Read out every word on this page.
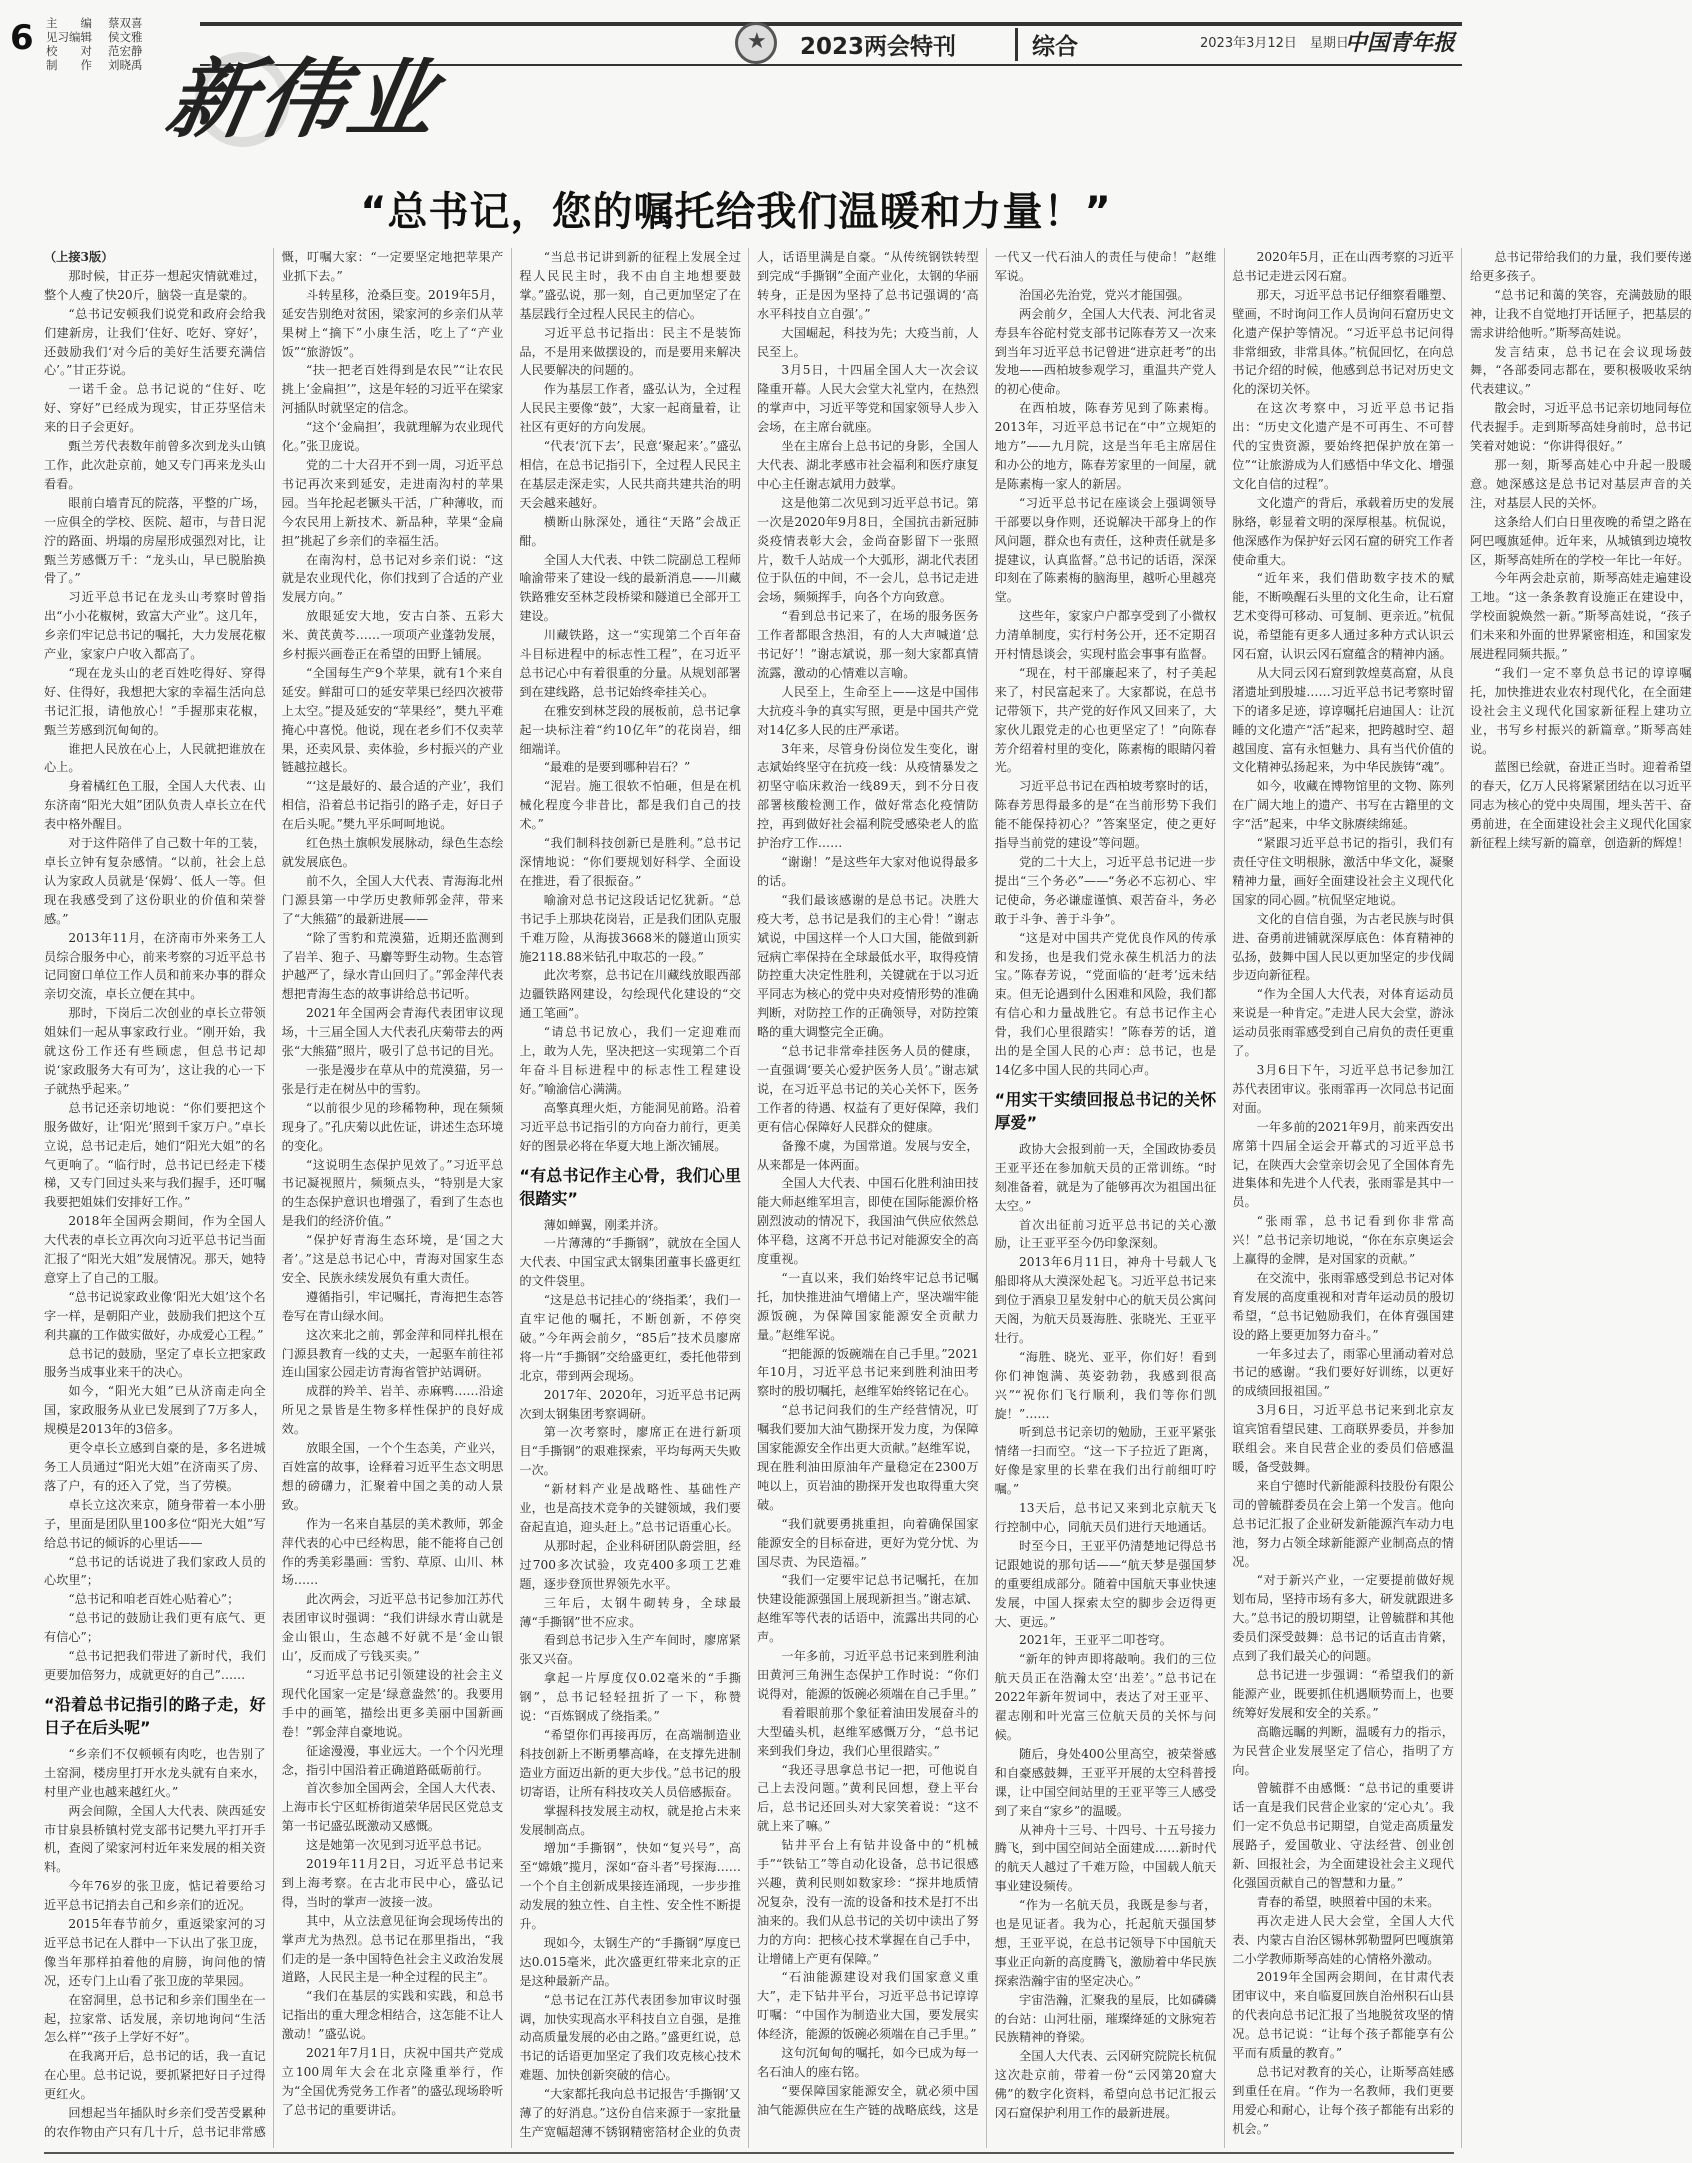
6 主　　编	蔡双喜
见习编辑	侯文雅
校　　对	范宏静
制　　作	刘晓禹
★
2023两会特刊	综合	2023年3月12日　星期日
中国青年报
新伟业
“总书记，您的嘱托给我们温暖和力量！”

（上接3版）

那时候，甘正芬一想起灾情就难过，整个人瘦了快20斤，脑袋一直是蒙的。

“总书记安顿我们说党和政府会给我们建新房，让我们‘住好、吃好、穿好’，还鼓励我们‘对今后的美好生活要充满信心’。”甘正芬说。

一诺千金。总书记说的“住好、吃好、穿好”已经成为现实，甘正芬坚信未来的日子会更好。

甄兰芳代表数年前曾多次到龙头山镇工作，此次赴京前，她又专门再来龙头山看看。

眼前白墙青瓦的院落，平整的广场，一应俱全的学校、医院、超市，与昔日泥泞的路面、坍塌的房屋形成强烈对比，让甄兰芳感慨万千：“龙头山，早已脱胎换骨了。”

习近平总书记在龙头山考察时曾指出“小小花椒树，致富大产业”。这几年，乡亲们牢记总书记的嘱托，大力发展花椒产业，家家户户收入都高了。

“现在龙头山的老百姓吃得好、穿得好、住得好，我想把大家的幸福生活向总书记汇报，请他放心！”手握那束花椒，甄兰芳感到沉甸甸的。

谁把人民放在心上，人民就把谁放在心上。

身着橘红色工服，全国人大代表、山东济南“阳光大姐”团队负责人卓长立在代表中格外醒目。

对于这件陪伴了自己数十年的工装，卓长立钟有复杂感情。“以前，社会上总认为家政人员就是‘保姆’、低人一等。但现在我感受到了这份职业的价值和荣誉感。”

2013年11月，在济南市外来务工人员综合服务中心，前来考察的习近平总书记同窗口单位工作人员和前来办事的群众亲切交流，卓长立便在其中。

那时，下岗后二次创业的卓长立带领姐妹们一起从事家政行业。“刚开始，我就这份工作还有些顾虑，但总书记却说‘家政服务大有可为’，这让我的心一下子就热乎起来。”

总书记还亲切地说：“你们要把这个服务做好，让‘阳光’照到千家万户。”卓长立说，总书记走后，她们“阳光大姐”的名气更响了。“临行时，总书记已经走下楼梯，又专门回过头来与我们握手，还叮嘱我要把姐妹们安排好工作。”

2018年全国两会期间，作为全国人大代表的卓长立再次向习近平总书记当面汇报了“阳光大姐”发展情况。那天，她特意穿上了自己的工服。

“总书记说家政业像‘阳光大姐’这个名字一样，是朝阳产业，鼓励我们把这个互利共赢的工作做实做好，办成爱心工程。”

总书记的鼓励，坚定了卓长立把家政服务当成事业来干的决心。

如今，“阳光大姐”已从济南走向全国，家政服务从业已发展到了7万多人，规模是2013年的3倍多。

更令卓长立感到自豪的是，多名进城务工人员通过“阳光大姐”在济南买了房、落了户，有的还入了党，当了劳模。

卓长立这次来京，随身带着一本小册子，里面是团队里100多位“阳光大姐”写给总书记的倾诉的心里话——

“总书记的话说进了我们家政人员的心坎里”；

“总书记和咱老百姓心贴着心”；

“总书记的鼓励让我们更有底气、更有信心”；

“总书记把我们带进了新时代，我们更要加倍努力，成就更好的自己”……

“沿着总书记指引的路子走，好日子在后头呢”

“乡亲们不仅顿顿有肉吃，也告别了土窑洞，楼房里打开水龙头就有自来水，村里产业也越来越红火。”

两会间隙，全国人大代表、陕西延安市甘泉县桥镇村党支部书记樊九平打开手机，查阅了梁家河村近年来发展的相关资料。

今年76岁的张卫庞，惦记着要给习近平总书记捎去自己和乡亲们的近况。

2015年春节前夕，重返梁家河的习近平总书记在人群中一下认出了张卫庞，像当年那样拍着他的肩膀，询问他的情况，还专门上山看了张卫庞的苹果园。

在窑洞里，总书记和乡亲们围坐在一起，拉家常、话发展，亲切地询问“生活怎么样”“孩子上学好不好”。

在我离开后，总书记的话，我一直记在心里。总书记说，要抓紧把好日子过得更红火。

回想起当年插队时乡亲们受苦受累种的农作物由产只有几十斤，总书记非常感慨，叮嘱大家：“一定要坚定地把苹果产业抓下去。”

斗转星移，沧桑巨变。2019年5月，延安告别绝对贫困，梁家河的乡亲们从苹果树上“摘下”小康生活，吃上了“产业饭”“旅游饭”。

“扶一把老百姓得到是农民”“让农民挑上‘金扁担’”，这是年轻的习近平在梁家河插队时就坚定的信念。

“这个‘金扁担’，我就理解为农业现代化。”张卫庞说。

党的二十大召开不到一周，习近平总书记再次来到延安，走进南沟村的苹果园。当年抡起老镢头干活，广种薄收，而今农民用上新技术、新品种，苹果“金扁担”挑起了乡亲们的幸福生活。

在南沟村，总书记对乡亲们说：“这就是农业现代化，你们找到了合适的产业发展方向。”

放眼延安大地，安古白茶、五彩大米、黄芪黄芩……一项项产业蓬勃发展，乡村振兴画卷正在希望的田野上铺展。

“全国每生产9个苹果，就有1个来自延安。鲜甜可口的延安苹果已经四次被带上太空。”提及延安的“苹果经”，樊九平难掩心中喜悦。他说，现在老乡们不仅卖苹果，还卖风景、卖体验，乡村振兴的产业链越拉越长。

“‘这是最好的、最合适的产业’，我们相信，沿着总书记指引的路子走，好日子在后头呢。”樊九平乐呵呵地说。

红色热土旗帜发展脉动，绿色生态绘就发展底色。

前不久，全国人大代表、青海海北州门源县第一中学历史教师郭金萍，带来了“大熊猫”的最新进展——

“除了雪豹和荒漠猫，近期还监测到了岩羊、狍子、马麝等野生动物。生态管护越严了，绿水青山回归了。”郭金萍代表想把青海生态的故事讲给总书记听。

2021年全国两会青海代表团审议现场，十三届全国人大代表孔庆菊带去的两张“大熊猫”照片，吸引了总书记的目光。

一张是漫步在草从中的荒漠猫，另一张是行走在树丛中的雪豹。

“以前很少见的珍稀物种，现在频频现身了。”孔庆菊以此佐证，讲述生态环境的变化。

“这说明生态保护见效了。”习近平总书记凝视照片，频频点头，“特别是大家的生态保护意识也增强了，看到了生态也是我们的经济价值。”

“保护好青海生态环境，是‘国之大者’。”这是总书记心中，青海对国家生态安全、民族永续发展负有重大责任。

遵循指引，牢记嘱托，青海把生态答卷写在青山绿水间。

这次来北之前，郭金萍和同样扎根在门源县教育一线的丈夫，一起驱车前往祁连山国家公园走访青海省管护站调研。

成群的羚羊、岩羊、赤麻鸭……沿途所见之景皆是生物多样性保护的良好成效。

放眼全国，一个个生态美，产业兴，百姓富的故事，诠释着习近平生态文明思想的磅礴力，汇聚着中国之美的动人景致。

作为一名来自基层的美术教师，郭金萍代表的心中已经构思，能不能将自己创作的秀美彩墨画：雪豹、草原、山川、林场……

此次两会，习近平总书记参加江苏代表团审议时强调：“我们讲绿水青山就是金山银山，生态越不好就不是‘金山银山’，反而成了亏钱买卖。”

“习近平总书记引领建设的社会主义现代化国家一定是‘绿意盎然’的。我要用手中的画笔，描绘出更多美丽中国新画卷！”郭金萍自豪地说。

征途漫漫，事业远大。一个个闪光理念，指引中国沿着正确道路砥砺前行。

首次参加全国两会，全国人大代表、上海市长宁区虹桥街道荣华居民区党总支第一书记盛弘既激动又感慨。

这是她第一次见到习近平总书记。

2019年11月2日，习近平总书记来到上海考察。在古北市民中心，盛弘记得，当时的掌声一波接一波。

其中，从立法意见征询会现场传出的掌声尤为热烈。总书记在那里指出，“我们走的是一条中国特色社会主义政治发展道路，人民民主是一种全过程的民主”。

“我们在基层的实践和实践，和总书记指出的重大理念相结合，这怎能不让人激动！”盛弘说。

2021年7月1日，庆祝中国共产党成立100周年大会在北京隆重举行，作为“全国优秀党务工作者”的盛弘现场聆听了总书记的重要讲话。

“当总书记讲到新的征程上发展全过程人民民主时，我不由自主地想要鼓掌。”盛弘说，那一刻，自己更加坚定了在基层践行全过程人民民主的信心。

习近平总书记指出：民主不是装饰品，不是用来做摆设的，而是要用来解决人民要解决的问题的。

作为基层工作者，盛弘认为，全过程人民民主要像“鼓”，大家一起商量着，让社区有更好的方向发展。

“代表‘沉下去’，民意‘聚起来’。”盛弘相信，在总书记指引下，全过程人民民主在基层走深走实，人民共商共建共治的明天会越来越好。

横断山脉深处，通往“天路”会战正酣。

全国人大代表、中铁二院副总工程师喻渝带来了建设一线的最新消息——川藏铁路雅安至林芝段桥梁和隧道已全部开工建设。

川藏铁路，这一“实现第二个百年奋斗目标进程中的标志性工程”，在习近平总书记心中有着很重的分量。从规划部署到在建线路，总书记始终牵挂关心。

在雅安到林芝段的展板前，总书记拿起一块标注着“约10亿年”的花岗岩，细细端详。

“最难的是要到哪种岩石？”

“泥岩。施工很软不怕砸，但是在机械化程度今非昔比，都是我们自己的技术。”

“我们制科技创新已是胜利。”总书记深情地说：“你们要规划好科学、全面设在推进，看了很振奋。”

喻渝对总书记这段话记忆犹新。“总书记手上那块花岗岩，正是我们团队克服千难万险，从海拔3668米的隧道山顶实施2118.88米钻孔中取芯的一段。”

此次考察，总书记在川藏线放眼西部边疆铁路网建设，勾绘现代化建设的“交通工笔画”。

“请总书记放心，我们一定迎难而上，敢为人先，坚决把这一实现第二个百年奋斗目标进程中的标志性工程建设好。”喻渝信心满满。

高擎真理火炬，方能洞见前路。沿着习近平总书记指引的方向奋力前行，更美好的图景必将在华夏大地上渐次铺展。

“有总书记作主心骨，我们心里很踏实”

薄如蝉翼，刚柔并济。

一片薄薄的“手撕钢”，就放在全国人大代表、中国宝武太钢集团董事长盛更红的文件袋里。

“这是总书记挂心的‘绕指柔’，我们一直牢记他的嘱托，不断创新，不停突破。”今年两会前夕，“85后”技术员廖席将一片“手撕钢”交给盛更红，委托他带到北京，带到两会现场。

2017年、2020年，习近平总书记两次到太钢集团考察调研。

第一次考察时，廖席正在进行新项目“手撕钢”的艰难探索，平均每两天失败一次。

“新材料产业是战略性、基础性产业，也是高技术竞争的关键领域，我们要奋起直追，迎头赶上。”总书记语重心长。

从那时起，企业科研团队蔚尝胆，经过700多次试验，攻克400多项工艺难题，逐步登顶世界领先水平。

三年后，太钢牛砌转身，全球最薄“手撕钢”世不应求。

看到总书记步入生产车间时，廖席紧张又兴奋。

拿起一片厚度仅0.02毫米的“手撕钢”，总书记轻轻扭折了一下，称赞说：“百炼钢成了绕指柔。”

“希望你们再接再厉，在高端制造业科技创新上不断勇攀高峰，在支撑先进制造业方面迈出新的更大步伐。”总书记的殷切寄语，让所有科技攻关人员倍感振奋。

掌握科技发展主动权，就是抢占未来发展制高点。

增加“手撕钢”，快如“复兴号”，高至“嫦娥”揽月，深如“奋斗者”号探海……一个个自主创新成果接连涌现，一步步推动发展的独立性、自主性、安全性不断提升。

现如今，太钢生产的“手撕钢”厚度已达0.015毫米，此次盛更红带来北京的正是这种最新产品。

“总书记在江苏代表团参加审议时强调，加快实现高水平科技自立自强，是推动高质量发展的必由之路。”盛更红说，总书记的话语更加坚定了我们攻克核心技术难题、加快创新突破的信心。

“大家都托我向总书记报告‘手撕钢’又薄了的好消息。”这份自信来源于一家批量生产宽幅超薄不锈钢精密箔材企业的负责人，话语里满是自豪。“从传统钢铁转型到完成“手撕钢”全面产业化，太钢的华丽转身，正是因为坚持了总书记强调的‘高水平科技自立自强’。”

大国崛起，科技为先；大疫当前，人民至上。

3月5日，十四届全国人大一次会议隆重开幕。人民大会堂大礼堂内，在热烈的掌声中，习近平等党和国家领导人步入会场，在主席台就座。

坐在主席台上总书记的身影，全国人大代表、湖北孝感市社会福利和医疗康复中心主任谢志斌用力鼓掌。

这是他第二次见到习近平总书记。第一次是2020年9月8日，全国抗击新冠肺炎疫情表彰大会，金尚奋影留下一张照片，数千人站成一个大弧形，湖北代表团位于队伍的中间，不一会儿，总书记走进会场，频频挥手，向各个方向致意。

“看到总书记来了，在场的服务医务工作者都眼含热泪，有的人大声喊道‘总书记好’！”谢志斌说，那一刻大家都真情流露，激动的心情难以言喻。

人民至上，生命至上——这是中国伟大抗疫斗争的真实写照，更是中国共产党对14亿多人民的庄严承诺。

3年来，尽管身份岗位发生变化，谢志斌始终坚守在抗疫一线：从疫情暴发之初坚守临床救治一线89天，到不分日夜部署核酸检测工作，做好常态化疫情防控，再到做好社会福利院受感染老人的监护治疗工作……

“谢谢！”是这些年大家对他说得最多的话。

“我们最该感谢的是总书记。决胜大疫大考，总书记是我们的主心骨！”谢志斌说，中国这样一个人口大国，能做到新冠病亡率保持在全球最低水平，取得疫情防控重大决定性胜利，关键就在于以习近平同志为核心的党中央对疫情形势的准确判断，对防控工作的正确领导，对防控策略的重大调整完全正确。

“总书记非常牵挂医务人员的健康，一直强调‘要关心爱护医务人员’。”谢志斌说，在习近平总书记的关心关怀下，医务工作者的待遇、权益有了更好保障，我们更有信心保障好人民群众的健康。

备豫不虞，为国常道。发展与安全，从来都是一体两面。

全国人大代表、中国石化胜利油田技能大师赵维军坦言，即使在国际能源价格剧烈波动的情况下，我国油气供应依然总体平稳，这离不开总书记对能源安全的高度重视。

“一直以来，我们始终牢记总书记嘱托，加快推进油气增储上产，坚决端牢能源饭碗，为保障国家能源安全贡献力量。”赵维军说。

“把能源的饭碗端在自己手里。”2021年10月，习近平总书记来到胜利油田考察时的殷切嘱托，赵维军始终铭记在心。

“总书记问我们的生产经营情况，叮嘱我们要加大油气勘探开发力度，为保障国家能源安全作出更大贡献。”赵维军说，现在胜利油田原油年产量稳定在2300万吨以上，页岩油的勘探开发也取得重大突破。

“我们就要勇挑重担，向着确保国家能源安全的目标奋进，更好为党分忧、为国尽责、为民造福。”

“我们一定要牢记总书记嘱托，在加快建设能源强国上展现新担当。”谢志斌、赵维军等代表的话语中，流露出共同的心声。

一年多前，习近平总书记来到胜利油田黄河三角洲生态保护工作时说：“你们说得对，能源的饭碗必须端在自己手里。”

看着眼前那个象征着油田发展奋斗的大型磕头机，赵维军感慨万分，“总书记来到我们身边，我们心里很踏实。”

“我还寻思拿总书记一把，可他说自己上去没问题。”黄利民回想，登上平台后，总书记还回头对大家笑着说：“这不就上来了嘛。”

钻井平台上有钻井设备中的“机械手”“铁钻工”等自动化设备，总书记很感兴趣，黄利民则如数家珍：“探井地质情况复杂，没有一流的设备和技术是打不出油来的。我们从总书记的关切中读出了努力的方向：把核心技术掌握在自己手中，让增储上产更有保障。”

“石油能源建设对我们国家意义重大”，走下钻井平台，习近平总书记谆谆叮嘱：“中国作为制造业大国，要发展实体经济，能源的饭碗必须端在自己手里。”

这句沉甸甸的嘱托，如今已成为每一名石油人的座右铭。

“要保障国家能源安全，就必须中国油气能源供应在生产链的战略底线，这是一代又一代石油人的责任与使命！”赵维军说。

治国必先治党，党兴才能国强。

两会前夕，全国人大代表、河北省灵寿县车谷砣村党支部书记陈春芳又一次来到当年习近平总书记曾进“进京赶考”的出发地——西柏坡参观学习，重温共产党人的初心使命。

在西柏坡，陈春芳见到了陈素梅。2013年，习近平总书记在“中”立规矩的地方”——九月院，这是当年毛主席居住和办公的地方，陈春芳家里的一间屋，就是陈素梅一家人的新居。

“习近平总书记在座谈会上强调领导干部要以身作则，还说解决干部身上的作风问题，群众也有责任，这种责任就是多提建议，认真监督。”总书记的话语，深深印刻在了陈素梅的脑海里，越听心里越亮堂。

这些年，家家户户都享受到了小微权力清单制度，实行村务公开，还不定期召开村情恳谈会，实现村监会事事有监督。

“现在，村干部廉起来了，村子美起来了，村民富起来了。大家都说，在总书记带领下，共产党的好作风又回来了，大家伙儿跟党走的心也更坚定了！”向陈春芳介绍着村里的变化，陈素梅的眼睛闪着光。

习近平总书记在西柏坡考察时的话，陈春芳思得最多的是“在当前形势下我们能不能保持初心？”答案坚定，使之更好指导当前党的建设”等问题。

党的二十大上，习近平总书记进一步提出“三个务必”——“务必不忘初心、牢记使命，务必谦虚谨慎、艰苦奋斗，务必敢于斗争、善于斗争”。

“这是对中国共产党优良作风的传承和发扬，也是我们党永葆生机活力的法宝。”陈春芳说，“党面临的‘赶考’远未结束。但无论遇到什么困难和风险，我们都有信心和力量战胜它。有总书记作主心骨，我们心里很踏实！”陈春芳的话，道出的是全国人民的心声：总书记，也是14亿多中国人民的共同心声。

“用实干实绩回报总书记的关怀厚爱”

政协大会报到前一天，全国政协委员王亚平还在参加航天员的正常训练。“时刻准备着，就是为了能够再次为祖国出征太空。”

首次出征前习近平总书记的关心激励，让王亚平至今仍印象深刻。

2013年6月11日，神舟十号载人飞船即将从大漠深处起飞。习近平总书记来到位于酒泉卫星发射中心的航天员公寓问天阁，为航天员聂海胜、张晓光、王亚平壮行。

“海胜、晓光、亚平，你们好！看到你们神饱满、英姿勃勃，我感到很高兴”“祝你们飞行顺利，我们等你们凯旋！”……

听到总书记亲切的勉励，王亚平紧张情绪一扫而空。“这一下子拉近了距离，好像是家里的长辈在我们出行前细叮咛嘱。”

13天后，总书记又来到北京航天飞行控制中心，同航天员们进行天地通话。

时至今日，王亚平仍清楚地记得总书记跟她说的那句话——“航天梦是强国梦的重要组成部分。随着中国航天事业快速发展，中国人探索太空的脚步会迈得更大、更远。”

2021年，王亚平二叩苍穹。

“新年的钟声即将敲响。我们的三位航天员正在浩瀚太空‘出差’。”总书记在2022年新年贺词中，表达了对王亚平、翟志刚和叶光富三位航天员的关怀与问候。

随后，身处400公里高空，被荣誉感和自豪感鼓舞，王亚平开展的太空科普授课，让中国空间站里的王亚平等三人感受到了来自“家乡”的温暖。

从神舟十三号、十四号、十五号接力腾飞，到中国空间站全面建成……新时代的航天人越过了千难万险，中国载人航天事业建设频传。

“作为一名航天员，我既是参与者，也是见证者。我为心，托起航天强国梦想，王亚平说，在总书记领导下中国航天事业正向新的高度腾飞，激励着中华民族探索浩瀚宇宙的坚定决心。”

宇宙浩瀚，汇聚我的星辰，比如磷磷的台站：山河壮丽，璀璨绛延的文脉宛若民族精神的脊梁。

全国人大代表、云冈研究院院长杭侃这次赴京前，带着一份“云冈第20窟大佛”的数字化资料，希望向总书记汇报云冈石窟保护利用工作的最新进展。

2020年5月，正在山西考察的习近平总书记走进云冈石窟。

那天，习近平总书记仔细察看雕塑、壁画，不时询问工作人员询问石窟历史文化遗产保护等情况。“习近平总书记问得非常细致，非常具体。”杭侃回忆，在向总书记介绍的时候，他感到总书记对历史文化的深切关怀。

在这次考察中，习近平总书记指出：“历史文化遗产是不可再生、不可替代的宝贵资源，要始终把保护放在第一位”“让旅游成为人们感悟中华文化、增强文化自信的过程”。

文化遗产的背后，承载着历史的发展脉络，彰显着文明的深厚根基。杭侃说，他深感作为保护好云冈石窟的研究工作者使命重大。

“近年来，我们借助数字技术的赋能，不断唤醒石头里的文化生命，让石窟艺术变得可移动、可复制、更亲近。”杭侃说，希望能有更多人通过多种方式认识云冈石窟，认识云冈石窟蕴含的精神内涵。

从大同云冈石窟到敦煌莫高窟，从良渚遗址到殷墟……习近平总书记考察时留下的诸多足迹，谆谆嘱托启迪国人：让沉睡的文化遗产“活”起来，把跨越时空、超越国度、富有永恒魅力、具有当代价值的文化精神弘扬起来，为中华民族铸“魂”。

如今，收藏在博物馆里的文物、陈列在广阔大地上的遗产、书写在古籍里的文字“活”起来，中华文脉赓续绵延。

“紧跟习近平总书记的指引，我们有责任守住文明根脉，激活中华文化，凝聚精神力量，画好全面建设社会主义现代化国家的同心圆。”杭侃坚定地说。

文化的自信自强，为古老民族与时俱进、奋勇前进铺就深厚底色：体育精神的弘扬，鼓舞中国人民以更加坚定的步伐阔步迈向新征程。

“作为全国人大代表，对体育运动员来说是一种肯定。”走进人民大会堂，游泳运动员张雨霏感受到自己肩负的责任更重了。

3月6日下午，习近平总书记参加江苏代表团审议。张雨霏再一次同总书记面对面。

一年多前的2021年9月，前来西安出席第十四届全运会开幕式的习近平总书记，在陕西大会堂亲切会见了全国体育先进集体和先进个人代表，张雨霏是其中一员。

“张雨霏，总书记看到你非常高兴！”总书记亲切地说，“你在东京奥运会上赢得的金牌，是对国家的贡献。”

在交流中，张雨霏感受到总书记对体育发展的高度重视和对青年运动员的殷切希望，“总书记勉励我们，在体育强国建设的路上要更加努力奋斗。”

一年多过去了，雨霏心里涌动着对总书记的感谢。“我们要好好训练，以更好的成绩回报祖国。”

3月6日，习近平总书记来到北京友谊宾馆看望民建、工商联界委员，并参加联组会。来自民营企业的委员们倍感温暖，备受鼓舞。

来自宁德时代新能源科技股份有限公司的曾毓群委员在会上第一个发言。他向总书记汇报了企业研发新能源汽车动力电池，努力占领全球新能源产业制高点的情况。

“对于新兴产业，一定要提前做好规划布局，坚持市场有多大，研发就跟进多大。”总书记的殷切期望，让曾毓群和其他委员们深受鼓舞：总书记的话直击肯綮，点到了我们最关心的问题。

总书记进一步强调：“希望我们的新能源产业，既要抓住机遇顺势而上，也要统筹好发展和安全的关系。”

高瞻远瞩的判断，温暖有力的指示，为民营企业发展坚定了信心，指明了方向。

曾毓群不由感慨：“总书记的重要讲话一直是我们民营企业家的‘定心丸’。我们一定不负总书记期望，自觉走高质量发展路子，爱国敬业、守法经营、创业创新、回报社会，为全面建设社会主义现代化强国贡献自己的智慧和力量。”

青春的希望，映照着中国的未来。

再次走进人民大会堂，全国人大代表、内蒙古自治区锡林郭勒盟阿巴嘎旗第二小学教师斯琴高娃的心情格外激动。

2019年全国两会期间，在甘肃代表团审议中，来自临夏回族自治州积石山县的代表向总书记汇报了当地脱贫攻坚的情况。总书记说：“让每个孩子都能享有公平而有质量的教育。”

总书记对教育的关心，让斯琴高娃感到重任在肩。“作为一名教师，我们更要用爱心和耐心，让每个孩子都能有出彩的机会。”

总书记带给我们的力量，我们要传递给更多孩子。

“总书记和蔼的笑容，充满鼓励的眼神，让我不自觉地打开话匣子，把基层的需求讲给他听。”斯琴高娃说。

发言结束，总书记在会议现场鼓舞，“各部委同志都在，要积极吸收采纳代表建议。”

散会时，习近平总书记亲切地同每位代表握手。走到斯琴高娃身前时，总书记笑着对她说：“你讲得很好。”

那一刻，斯琴高娃心中升起一股暖意。她深感这是总书记对基层声音的关注，对基层人民的关怀。

这条给人们白日里夜晚的希望之路在阿巴嘎旗延伸。近年来，从城镇到边境牧区，斯琴高娃所在的学校一年比一年好。

今年两会赴京前，斯琴高娃走遍建设工地。“这一条条教育设施正在建设中，学校面貌焕然一新。”斯琴高娃说，“孩子们未来和外面的世界紧密相连，和国家发展进程同频共振。”

“我们一定不辜负总书记的谆谆嘱托，加快推进农业农村现代化，在全面建设社会主义现代化国家新征程上建功立业，书写乡村振兴的新篇章。”斯琴高娃说。

蓝图已绘就，奋进正当时。迎着希望的春天，亿万人民将紧紧团结在以习近平同志为核心的党中央周围，埋头苦干、奋勇前进，在全面建设社会主义现代化国家新征程上续写新的篇章，创造新的辉煌！
